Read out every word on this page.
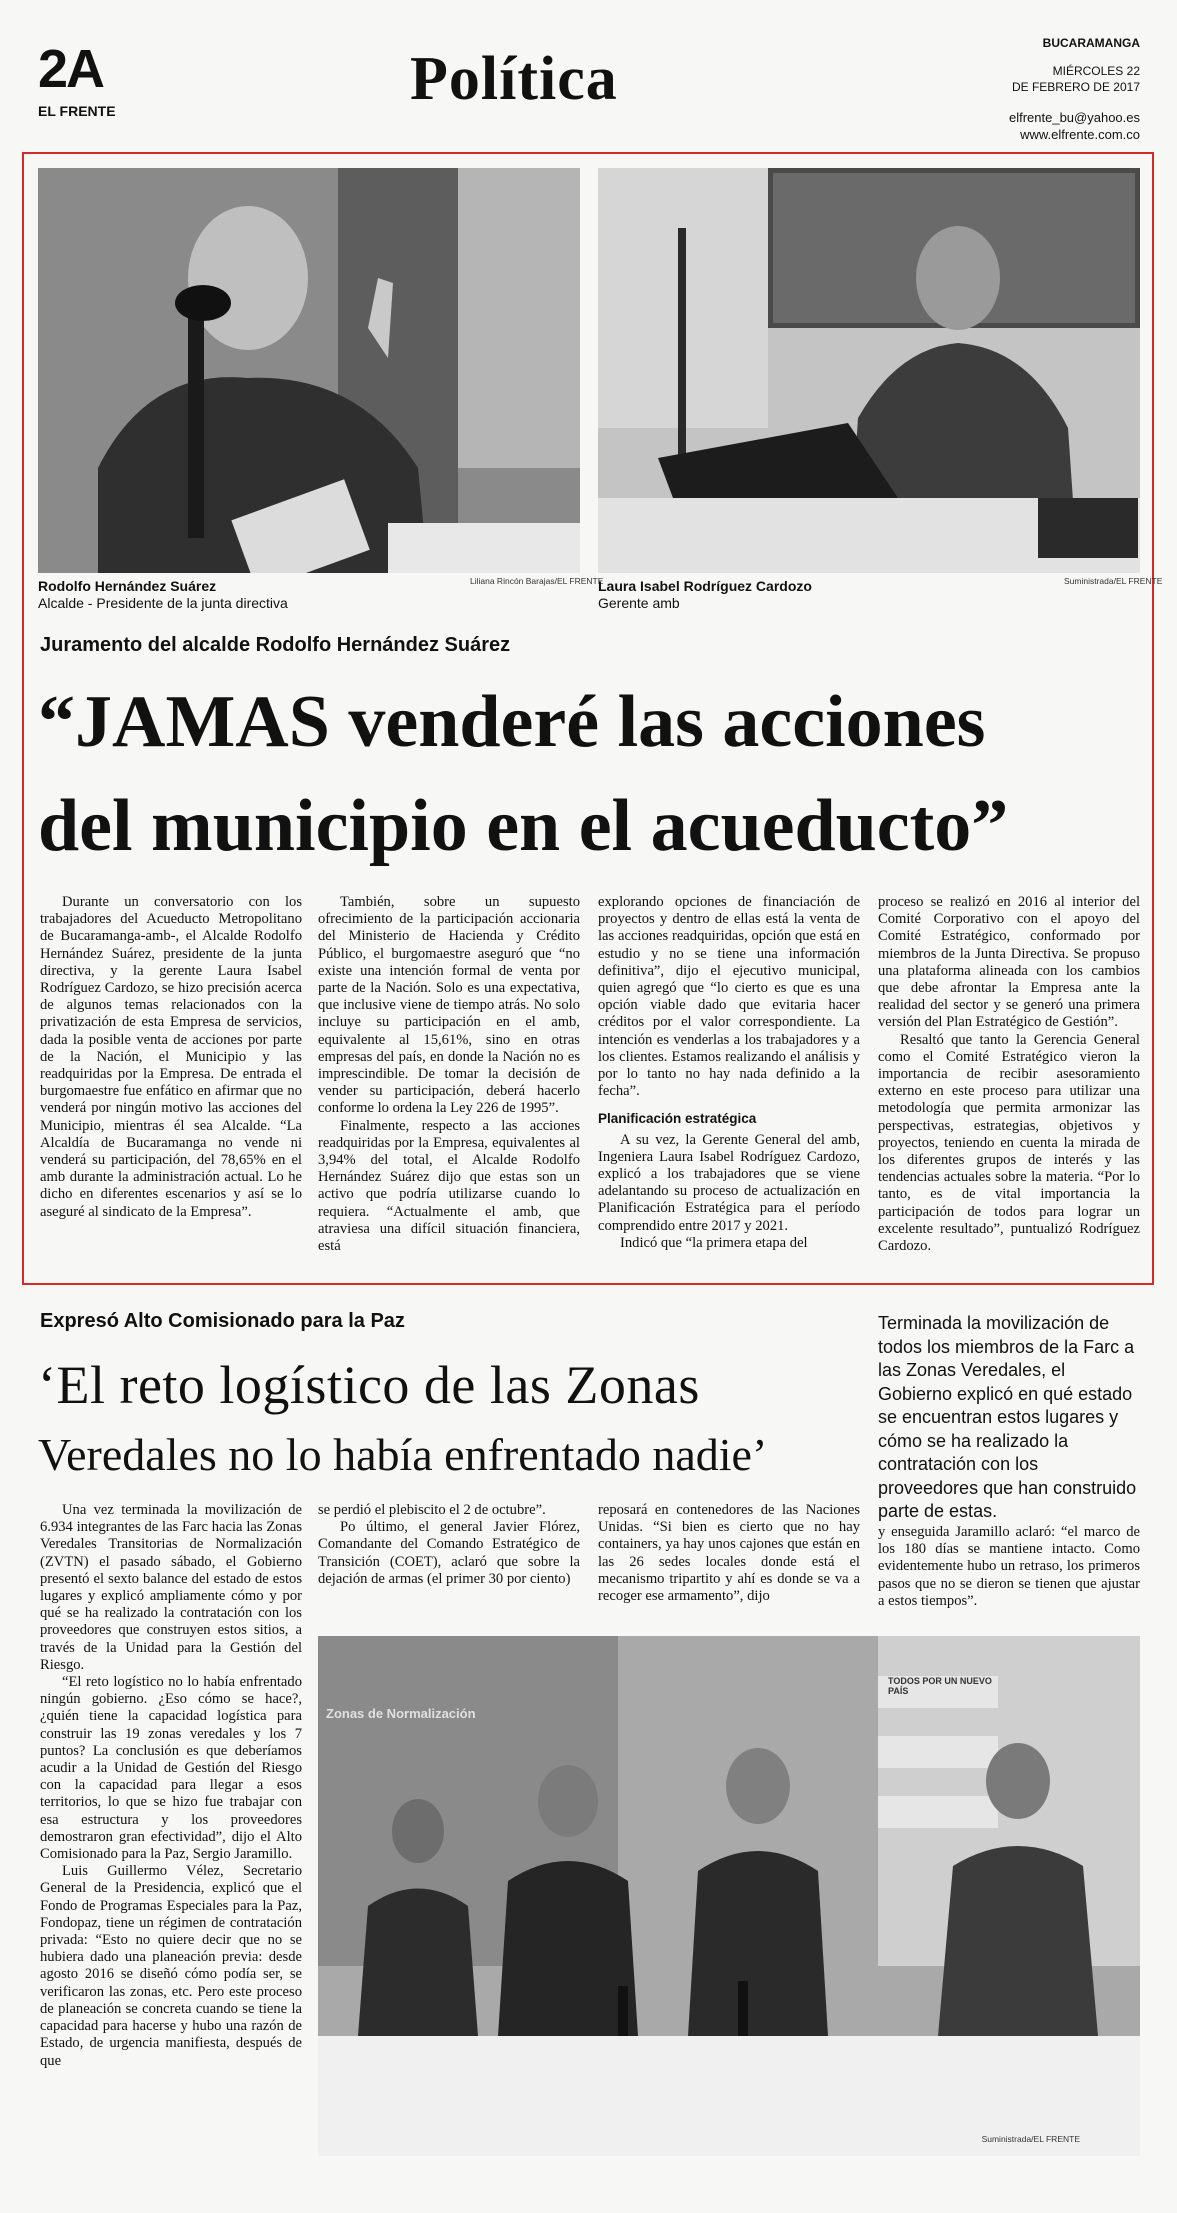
2A
EL FRENTE	Política
BUCARAMANGA
MIÉRCOLES 22
DE FEBRERO DE 2017
elfrente_bu@yahoo.es
www.elfrente.com.co
Rodolfo Hernández Suárez
Alcalde - Presidente de la junta directiva
Liliana Rincón Barajas/EL FRENTE
Laura Isabel Rodríguez Cardozo
Gerente amb
Suministrada/EL FRENTE
Juramento del alcalde Rodolfo Hernández Suárez
“JAMAS venderé las acciones
del municipio en el acueducto”

Durante un conversatorio con los trabajadores del Acueducto Metropolitano de Bucaramanga-amb-, el Alcalde Rodolfo Hernández Suárez, presidente de la junta directiva, y la gerente Laura Isabel Rodríguez Cardozo, se hizo precisión acerca de algunos temas relacionados con la privatización de esta Empresa de servicios, dada la posible venta de acciones por parte de la Nación, el Municipio y las readquiridas por la Empresa. De entrada el burgomaestre fue enfático en afirmar que no venderá por ningún motivo las acciones del Municipio, mientras él sea Alcalde. “La Alcaldía de Bucaramanga no vende ni venderá su participación, del 78,65% en el amb durante la administración actual. Lo he dicho en diferentes escenarios y así se lo aseguré al sindicato de la Empresa”.

También, sobre un supuesto ofrecimiento de la participación accionaria del Ministerio de Hacienda y Crédito Público, el burgomaestre aseguró que “no existe una intención formal de venta por parte de la Nación. Solo es una expectativa, que inclusive viene de tiempo atrás. No solo incluye su participación en el amb, equivalente al 15,61%, sino en otras empresas del país, en donde la Nación no es imprescindible. De tomar la decisión de vender su participación, deberá hacerlo conforme lo ordena la Ley 226 de 1995”.

Finalmente, respecto a las acciones readquiridas por la Empresa, equivalentes al 3,94% del total, el Alcalde Rodolfo Hernández Suárez dijo que estas son un activo que podría utilizarse cuando lo requiera. “Actualmente el amb, que atraviesa una difícil situación financiera, está

explorando opciones de financiación de proyectos y dentro de ellas está la venta de las acciones readquiridas, opción que está en estudio y no se tiene una información definitiva”, dijo el ejecutivo municipal, quien agregó que “lo cierto es que es una opción viable dado que evitaria hacer créditos por el valor correspondiente. La intención es venderlas a los trabajadores y a los clientes. Estamos realizando el análisis y por lo tanto no hay nada definido a la fecha”.

Planificación estratégica

A su vez, la Gerente General del amb, Ingeniera Laura Isabel Rodríguez Cardozo, explicó a los trabajadores que se viene adelantando su proceso de actualización en Planificación Estratégica para el período comprendido entre 2017 y 2021.

Indicó que “la primera etapa del

proceso se realizó en 2016 al interior del Comité Corporativo con el apoyo del Comité Estratégico, conformado por miembros de la Junta Directiva. Se propuso una plataforma alineada con los cambios que debe afrontar la Empresa ante la realidad del sector y se generó una primera versión del Plan Estratégico de Gestión”.

Resaltó que tanto la Gerencia General como el Comité Estratégico vieron la importancia de recibir asesoramiento externo en este proceso para utilizar una metodología que permita armonizar las perspectivas, estrategias, objetivos y proyectos, teniendo en cuenta la mirada de los diferentes grupos de interés y las tendencias actuales sobre la materia. “Por lo tanto, es de vital importancia la participación de todos para lograr un excelente resultado”, puntualizó Rodríguez Cardozo.

Expresó Alto Comisionado para la Paz
‘El reto logístico de las Zonas
Veredales no lo había enfrentado nadie’
Terminada la movilización de todos los miembros de la Farc a las Zonas Veredales, el Gobierno explicó en qué estado se encuentran estos lugares y cómo se ha realizado la contratación con los proveedores que han construido parte de estas.

Una vez terminada la movilización de 6.934 integrantes de las Farc hacia las Zonas Veredales Transitorias de Normalización (ZVTN) el pasado sábado, el Gobierno presentó el sexto balance del estado de estos lugares y explicó ampliamente cómo y por qué se ha realizado la contratación con los proveedores que construyen estos sitios, a través de la Unidad para la Gestión del Riesgo.

“El reto logístico no lo había enfrentado ningún gobierno. ¿Eso cómo se hace?, ¿quién tiene la capacidad logística para construir las 19 zonas veredales y los 7 puntos? La conclusión es que deberíamos acudir a la Unidad de Gestión del Riesgo con la capacidad para llegar a esos territorios, lo que se hizo fue trabajar con esa estructura y los proveedores demostraron gran efectividad”, dijo el Alto Comisionado para la Paz, Sergio Jaramillo.

Luis Guillermo Vélez, Secretario General de la Presidencia, explicó que el Fondo de Programas Especiales para la Paz, Fondopaz, tiene un régimen de contratación privada: “Esto no quiere decir que no se hubiera dado una planeación previa: desde agosto 2016 se diseñó cómo podía ser, se verificaron las zonas, etc. Pero este proceso de planeación se concreta cuando se tiene la capacidad para hacerse y hubo una razón de Estado, de urgencia manifiesta, después de que

se perdió el plebiscito el 2 de octubre”.

Po último, el general Javier Flórez, Comandante del Comando Estratégico de Transición (COET), aclaró que sobre la dejación de armas (el primer 30 por ciento)

reposará en contenedores de las Naciones Unidas. “Si bien es cierto que no hay containers, ya hay unos cajones que están en las 26 sedes locales donde está el mecanismo tripartito y ahí es donde se va a recoger ese armamento”, dijo

y enseguida Jaramillo aclaró: “el marco de los 180 días se mantiene intacto. Como evidentemente hubo un retraso, los primeros pasos que no se dieron se tienen que ajustar a estos tiempos”.

TODOS POR UN NUEVO PAÍS
Zonas de Normalización
Suministrada/EL FRENTE
